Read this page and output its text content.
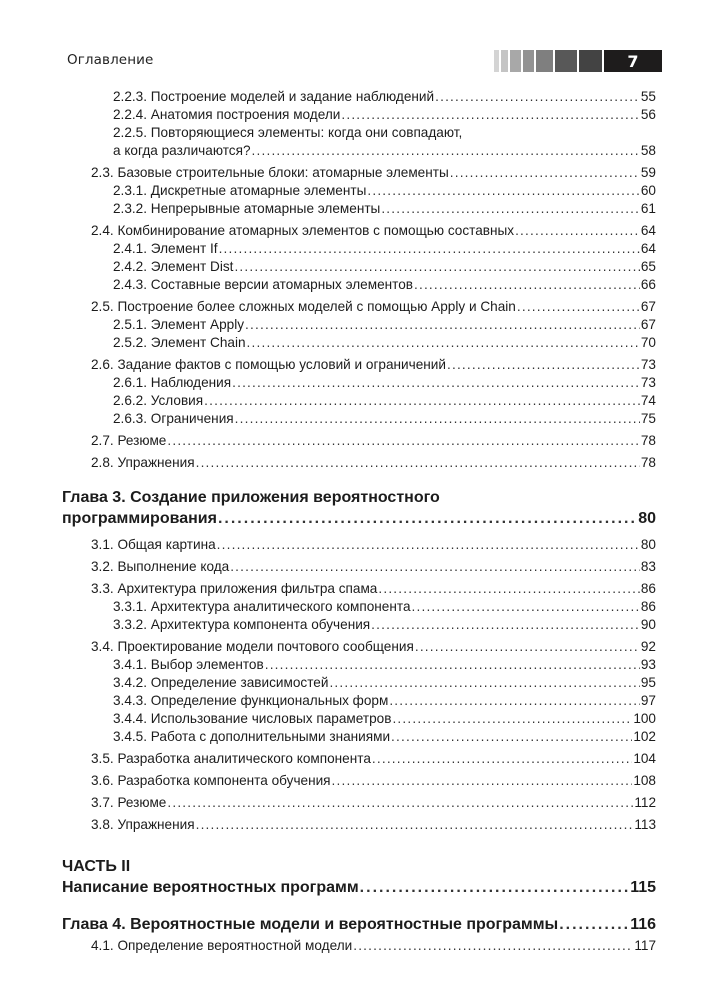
Оглавление	7
2.2.3. Построение моделей и задание наблюдений .....	55
2.2.4. Анатомия построения модели .....	56
2.2.5. Повторяющиеся элементы: когда они совпадают,
а когда различаются? .....	58
2.3. Базовые строительные блоки: атомарные элементы .....	59
2.3.1. Дискретные атомарные элементы .....	60
2.3.2. Непрерывные атомарные элементы .....	61
2.4. Комбинирование атомарных элементов с помощью составных .....	64
2.4.1. Элемент If .....	64
2.4.2. Элемент Dist .....	65
2.4.3. Составные версии атомарных элементов .....	66
2.5. Построение более сложных моделей с помощью Apply и Chain .....	67
2.5.1. Элемент Apply .....	67
2.5.2. Элемент Chain .....	70
2.6. Задание фактов с помощью условий и ограничений .....	73
2.6.1. Наблюдения .....	73
2.6.2. Условия .....	74
2.6.3. Ограничения .....	75
2.7. Резюме .....	78
2.8. Упражнения .....	78
Глава 3. Создание приложения вероятностного
программирования .....	80
3.1. Общая картина .....	80
3.2. Выполнение кода .....	83
3.3. Архитектура приложения фильтра спама .....	86
3.3.1. Архитектура аналитического компонента .....	86
3.3.2. Архитектура компонента обучения .....	90
3.4. Проектирование модели почтового сообщения .....	92
3.4.1. Выбор элементов .....	93
3.4.2. Определение зависимостей .....	95
3.4.3. Определение функциональных форм .....	97
3.4.4. Использование числовых параметров .....	100
3.4.5. Работа с дополнительными знаниями .....	102
3.5. Разработка аналитического компонента .....	104
3.6. Разработка компонента обучения .....	108
3.7. Резюме .....	112
3.8. Упражнения .....	113
ЧАСТЬ II
Написание вероятностных программ .....	115
Глава 4. Вероятностные модели и вероятностные программы .....	116
4.1. Определение вероятностной модели .....	117
